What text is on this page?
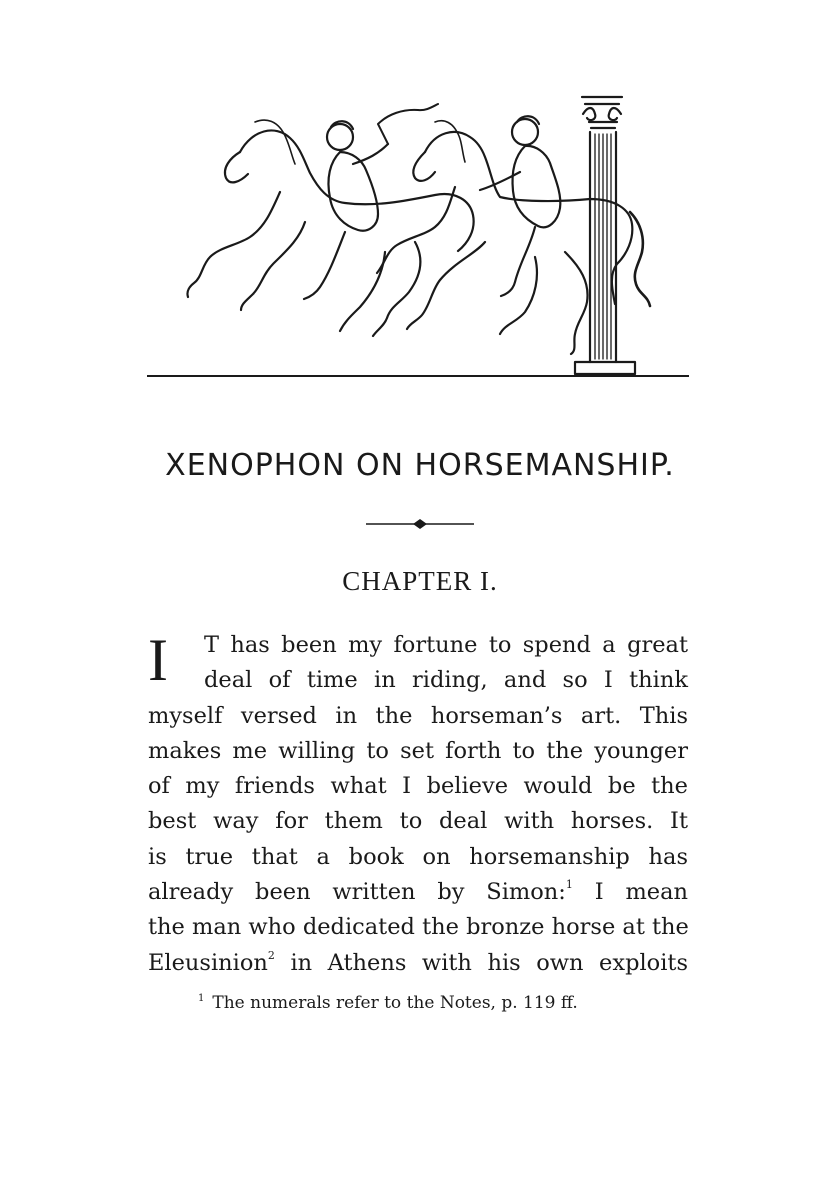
XENOPHON ON HORSEMANSHIP.
CHAPTER I.
I	T has been my fortune to spend a great
deal of time in riding, and so I think
myself versed in the horseman’s art. This
makes me willing to set forth to the younger
of my friends what I believe would be the
best way for them to deal with horses. It
is true that a book on horsemanship has
already been written by Simon:$^1$ I mean
the man who dedicated the bronze horse at the
Eleusinion$^2$ in Athens with his own exploits
$^1$ The numerals refer to the Notes, p. 119 ff.
